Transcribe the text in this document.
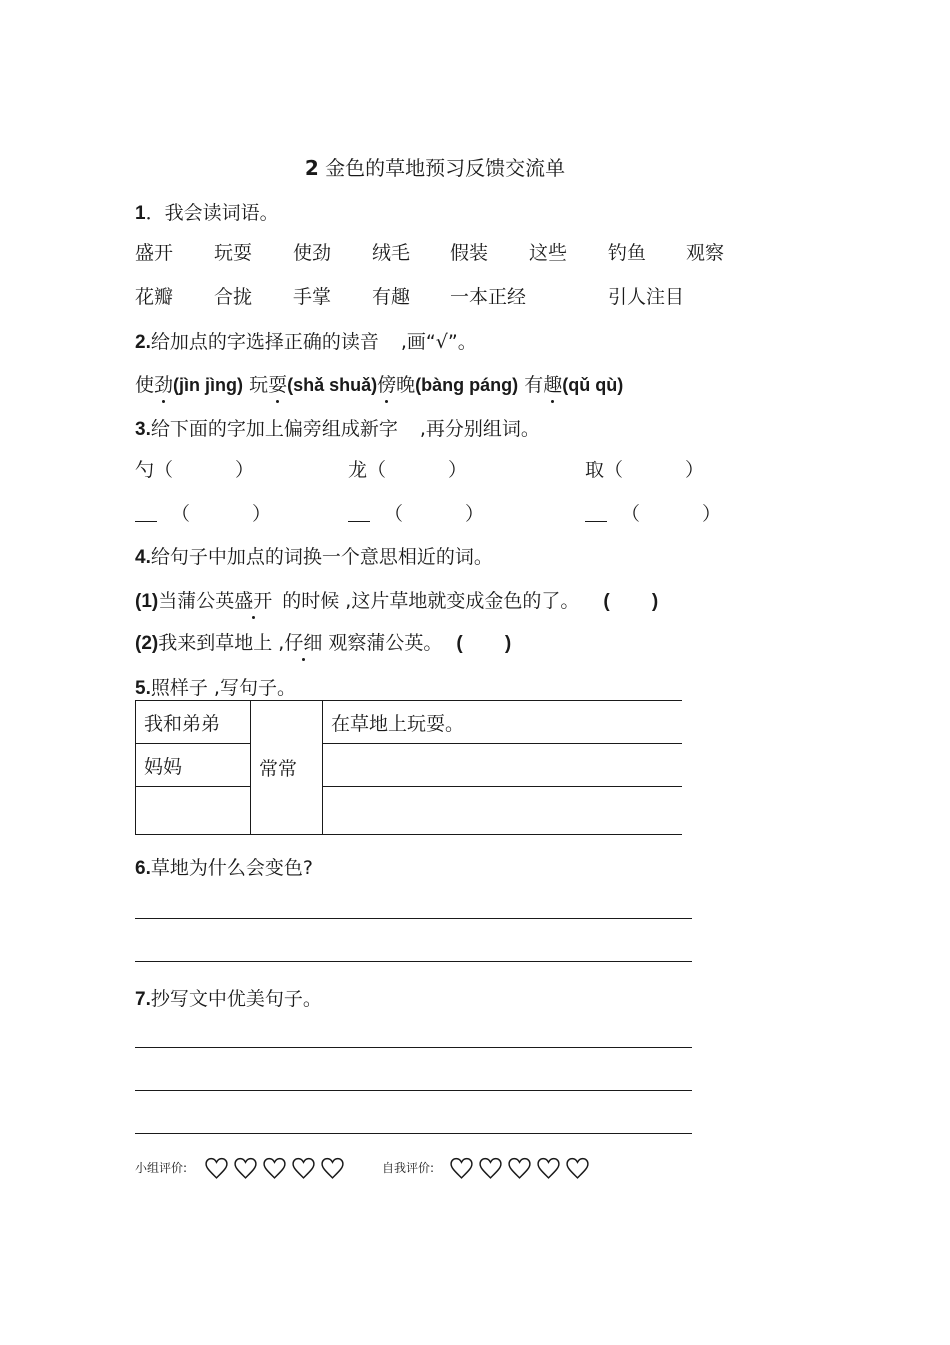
2 金色的草地预习反馈交流单
1．我会读词语。
盛开 玩耍 使劲 绒毛 假装 这些 钓鱼 观察
花瓣 合拢 手掌 有趣 一本正经	引人注目
2.给加点的字选择正确的读音 ,画“√”。
使劲(jìn jìng) 玩耍(shǎ shuǎ)傍晚(bàng páng) 有趣(qǔ qù)
3.给下面的字加上偏旁组成新字 ,再分别组词。
勺（	）	龙（	）	取（	）
（	）	（	）	（	）
4.给句子中加点的词换一个意思相近的词。
(1)当蒲公英盛开 的时候 ,这片草地就变成金色的了。 (        )
(2)我来到草地上 ,仔细 观察蒲公英。 (        )
5.照样子 ,写句子。
我和弟弟	常常	在草地上玩耍。
妈妈		

6.草地为什么会变色?
7.抄写文中优美句子。
小组评价:	自我评价:
